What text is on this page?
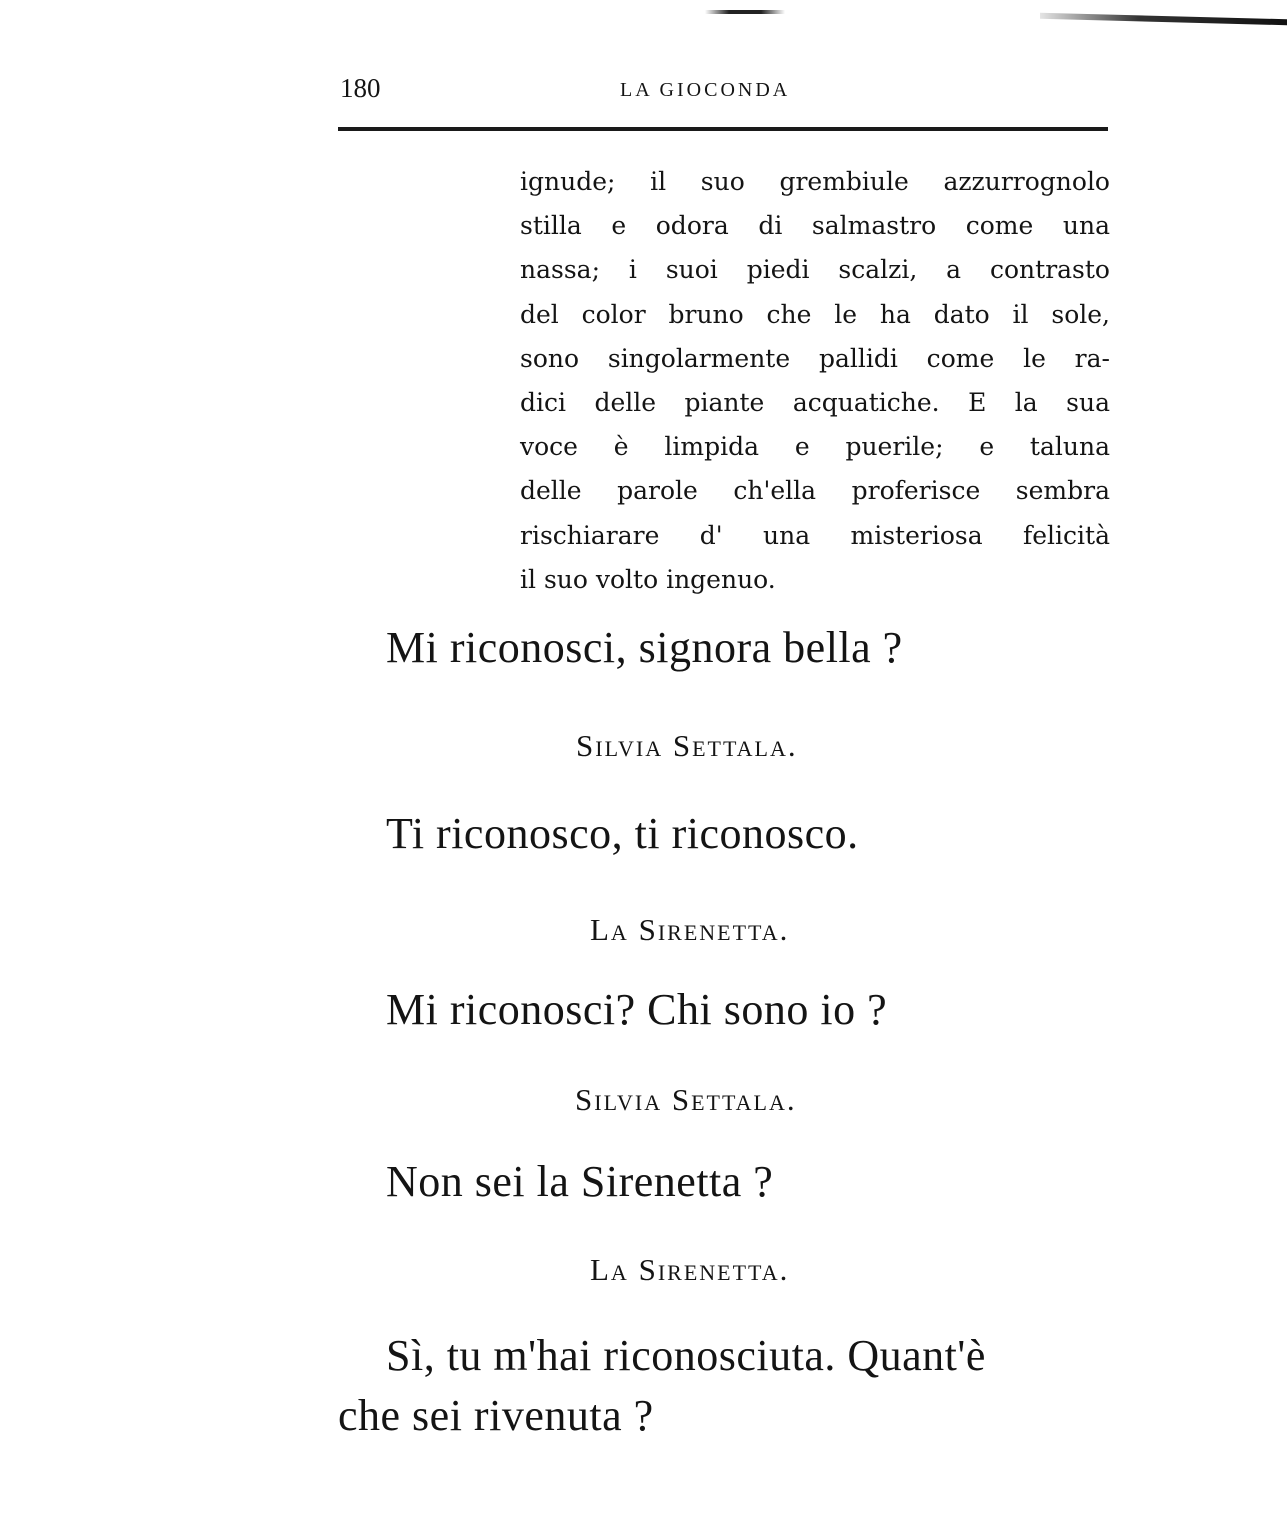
180	LA GIOCONDA
ignude; il suo grembiule azzurrognolo
stilla e odora di salmastro come una
nassa; i suoi piedi scalzi, a contrasto
del color bruno che le ha dato il sole,
sono singolarmente pallidi come le ra-
dici delle piante acquatiche. E la sua
voce è limpida e puerile; e taluna
delle parole ch'ella proferisce sembra
rischiarare d' una misteriosa felicità
il suo volto ingenuo.

Mi riconosci, signora bella ?

Silvia Settala.

Ti riconosco, ti riconosco.

La Sirenetta.

Mi riconosci? Chi sono io ?

Silvia Settala.

Non sei la Sirenetta ?

La Sirenetta.

Sì, tu m'hai riconosciuta. Quant'è

che sei rivenuta ?
